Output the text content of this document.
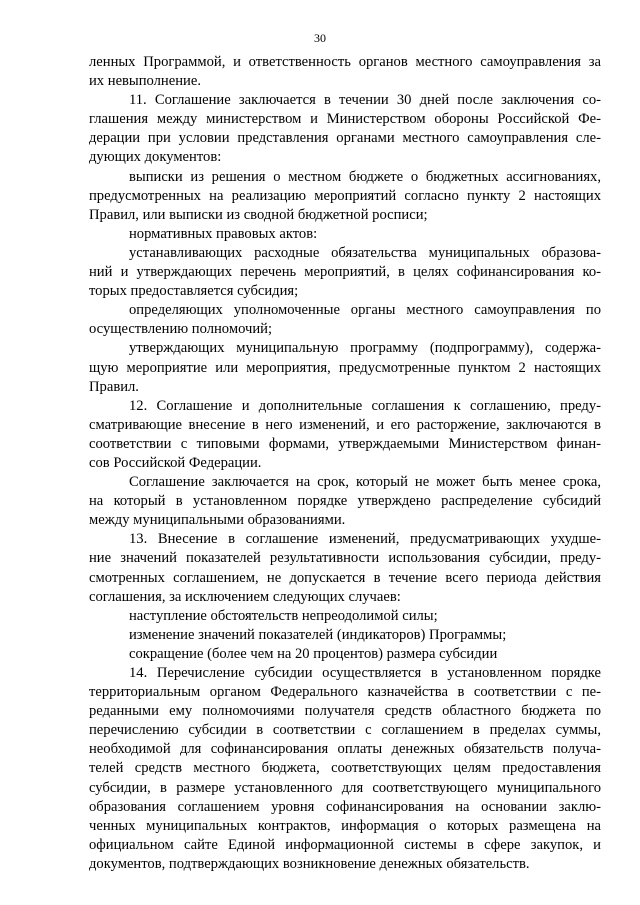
30
ленных Программой, и ответственность органов местного самоуправления за
их невыполнение.
11. Соглашение заключается в течении 30 дней после заключения со-
глашения между министерством и Министерством обороны Российской Фе-
дерации при условии представления органами местного самоуправления сле-
дующих документов:
выписки из решения о местном бюджете о бюджетных ассигнованиях,
предусмотренных на реализацию мероприятий согласно пункту 2 настоящих
Правил, или выписки из сводной бюджетной росписи;
нормативных правовых актов:
устанавливающих расходные обязательства муниципальных образова-
ний и утверждающих перечень мероприятий, в целях софинансирования ко-
торых предоставляется субсидия;
определяющих уполномоченные органы местного самоуправления по
осуществлению полномочий;
утверждающих муниципальную программу (подпрограмму), содержа-
щую мероприятие или мероприятия, предусмотренные пунктом 2 настоящих
Правил.
12. Соглашение и дополнительные соглашения к соглашению, преду-
сматривающие внесение в него изменений, и его расторжение, заключаются в
соответствии с типовыми формами, утверждаемыми Министерством финан-
сов Российской Федерации.
Соглашение заключается на срок, который не может быть менее срока,
на который в установленном порядке утверждено распределение субсидий
между муниципальными образованиями.
13. Внесение в соглашение изменений, предусматривающих ухудше-
ние значений показателей результативности использования субсидии, преду-
смотренных соглашением, не допускается в течение всего периода действия
соглашения, за исключением следующих случаев:
наступление обстоятельств непреодолимой силы;
изменение значений показателей (индикаторов) Программы;
сокращение (более чем на 20 процентов) размера субсидии
14. Перечисление субсидии осуществляется в установленном порядке
территориальным органом Федерального казначейства в соответствии с пе-
реданными ему полномочиями получателя средств областного бюджета по
перечислению субсидии в соответствии с соглашением в пределах суммы,
необходимой для софинансирования оплаты денежных обязательств получа-
телей средств местного бюджета, соответствующих целям предоставления
субсидии, в размере установленного для соответствующего муниципального
образования соглашением уровня софинансирования на основании заклю-
ченных муниципальных контрактов, информация о которых размещена на
официальном сайте Единой информационной системы в сфере закупок, и
документов, подтверждающих возникновение денежных обязательств.
